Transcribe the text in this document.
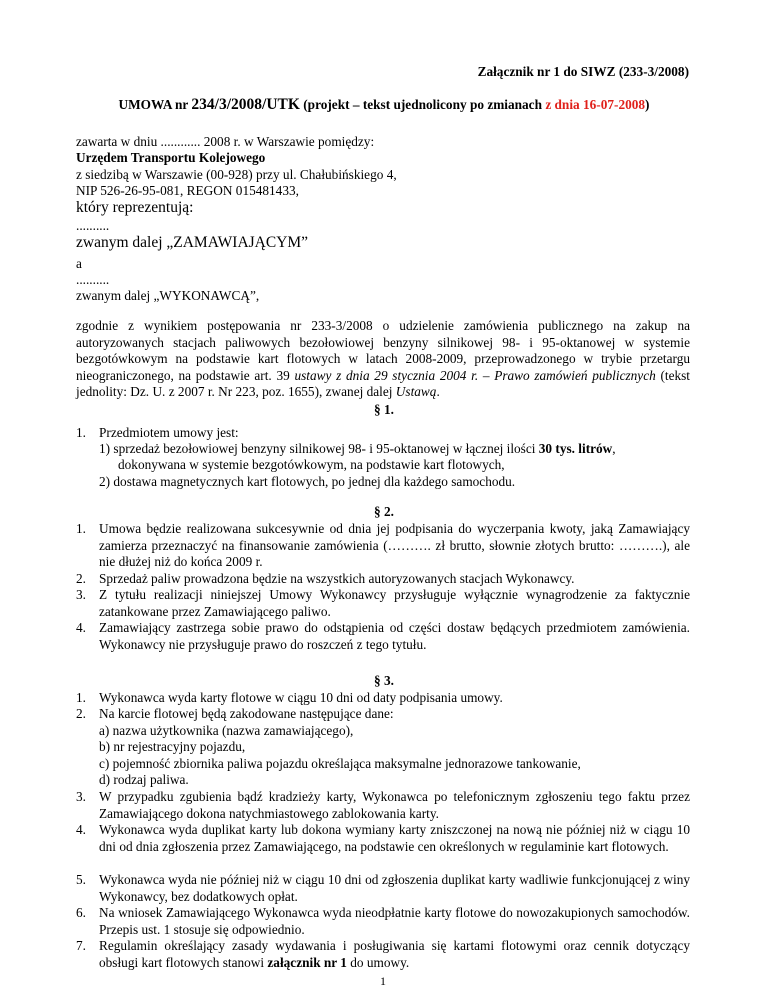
Załącznik nr 1 do SIWZ (233-3/2008)
UMOWA nr 234/3/2008/UTK (projekt – tekst ujednolicony po zmianach z dnia 16-07-2008)
zawarta w dniu ............ 2008 r. w Warszawie pomiędzy:
Urzędem Transportu Kolejowego
z siedzibą w Warszawie (00-928) przy ul. Chałubińskiego 4,
NIP 526-26-95-081, REGON 015481433,
który reprezentują:
..........
zwanym dalej „ZAMAWIAJĄCYM”
a
..........
zwanym dalej „WYKONAWCĄ”,
zgodnie z wynikiem postępowania nr 233-3/2008 o udzielenie zamówienia publicznego na zakup na autoryzowanych stacjach paliwowych bezołowiowej benzyny silnikowej 98- i 95-oktanowej w systemie bezgotówkowym na podstawie kart flotowych w latach 2008-2009, przeprowadzonego w trybie przetargu nieograniczonego, na podstawie art. 39 ustawy z dnia 29 stycznia 2004 r. – Prawo zamówień publicznych (tekst jednolity: Dz. U. z 2007 r. Nr 223, poz. 1655), zwanej dalej Ustawą.
§ 1.
1. Przedmiotem umowy jest:
1) sprzedaż bezołowiowej benzyny silnikowej 98- i 95-oktanowej w łącznej ilości 30 tys. litrów,
dokonywana w systemie bezgotówkowym, na podstawie kart flotowych,
2) dostawa magnetycznych kart flotowych, po jednej dla każdego samochodu.
§ 2.
1. Umowa będzie realizowana sukcesywnie od dnia jej podpisania do wyczerpania kwoty, jaką Zamawiający zamierza przeznaczyć na finansowanie zamówienia (………. zł brutto, słownie złotych brutto: ……….), ale nie dłużej niż do końca 2009 r.
2. Sprzedaż paliw prowadzona będzie na wszystkich autoryzowanych stacjach Wykonawcy.
3. Z tytułu realizacji niniejszej Umowy Wykonawcy przysługuje wyłącznie wynagrodzenie za faktycznie zatankowane przez Zamawiającego paliwo.
4. Zamawiający zastrzega sobie prawo do odstąpienia od części dostaw będących przedmiotem zamówienia. Wykonawcy nie przysługuje prawo do roszczeń z tego tytułu.
§ 3.
1. Wykonawca wyda karty flotowe w ciągu 10 dni od daty podpisania umowy.
2. Na karcie flotowej będą zakodowane następujące dane:
a) nazwa użytkownika (nazwa zamawiającego),
b) nr rejestracyjny pojazdu,
c) pojemność zbiornika paliwa pojazdu określająca maksymalne jednorazowe tankowanie,
d) rodzaj paliwa.
3. W przypadku zgubienia bądź kradzieży karty, Wykonawca po telefonicznym zgłoszeniu tego faktu przez Zamawiającego dokona natychmiastowego zablokowania karty.
4. Wykonawca wyda duplikat karty lub dokona wymiany karty zniszczonej na nową nie później niż w ciągu 10 dni od dnia zgłoszenia przez Zamawiającego, na podstawie cen określonych w regulaminie kart flotowych.
5. Wykonawca wyda nie później niż w ciągu 10 dni od zgłoszenia duplikat karty wadliwie funkcjonującej z winy Wykonawcy, bez dodatkowych opłat.
6. Na wniosek Zamawiającego Wykonawca wyda nieodpłatnie karty flotowe do nowozakupionych samochodów. Przepis ust. 1 stosuje się odpowiednio.
7. Regulamin określający zasady wydawania i posługiwania się kartami flotowymi oraz cennik dotyczący obsługi kart flotowych stanowi załącznik nr 1 do umowy.
1
